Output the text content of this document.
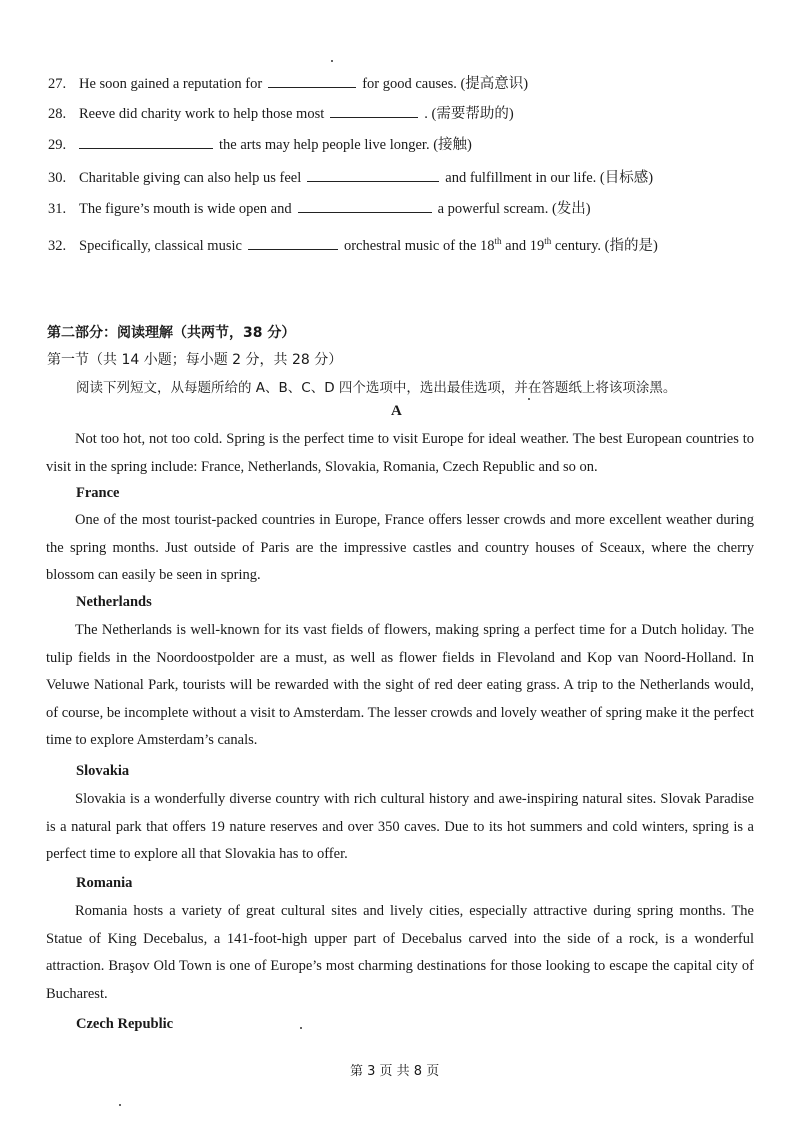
27. He soon gained a reputation for	for good causes. (提高意识)
28. Reeve did charity work to help those most	. (需要帮助的)
29.	the arts may help people live longer. (接触)
30. Charitable giving can also help us feel	and fulfillment in our life. (目标感)
31. The figure’s mouth is wide open and	a powerful scream. (发出)
32. Specifically, classical music	orchestral music of the 18th and 19th century. (指的是)
第二部分：阅读理解（共两节，38 分）
第一节（共 14 小题；每小题 2 分，共 28 分）
阅读下列短文，从每题所给的 A、B、C、D 四个选项中，选出最佳选项，并在答题纸上将该项涂黑。
A
Not too hot, not too cold. Spring is the perfect time to visit Europe for ideal weather. The best European countries to visit in the spring include: France, Netherlands, Slovakia, Romania, Czech Republic and so on.
France
One of the most tourist-packed countries in Europe, France offers lesser crowds and more excellent weather during the spring months. Just outside of Paris are the impressive castles and country houses of Sceaux, where the cherry blossom can easily be seen in spring.
Netherlands
The Netherlands is well-known for its vast fields of flowers, making spring a perfect time for a Dutch holiday. The tulip fields in the Noordoostpolder are a must, as well as flower fields in Flevoland and Kop van Noord-Holland. In Veluwe National Park, tourists will be rewarded with the sight of red deer eating grass. A trip to the Netherlands would, of course, be incomplete without a visit to Amsterdam. The lesser crowds and lovely weather of spring make it the perfect time to explore Amsterdam’s canals.
Slovakia
Slovakia is a wonderfully diverse country with rich cultural history and awe-inspiring natural sites. Slovak Paradise is a natural park that offers 19 nature reserves and over 350 caves. Due to its hot summers and cold winters, spring is a perfect time to explore all that Slovakia has to offer.
Romania
Romania hosts a variety of great cultural sites and lively cities, especially attractive during spring months. The Statue of King Decebalus, a 141-foot-high upper part of Decebalus carved into the side of a rock, is a wonderful attraction. Braşov Old Town is one of Europe’s most charming destinations for those looking to escape the capital city of Bucharest.
Czech Republic
第 3 页 共 8 页
